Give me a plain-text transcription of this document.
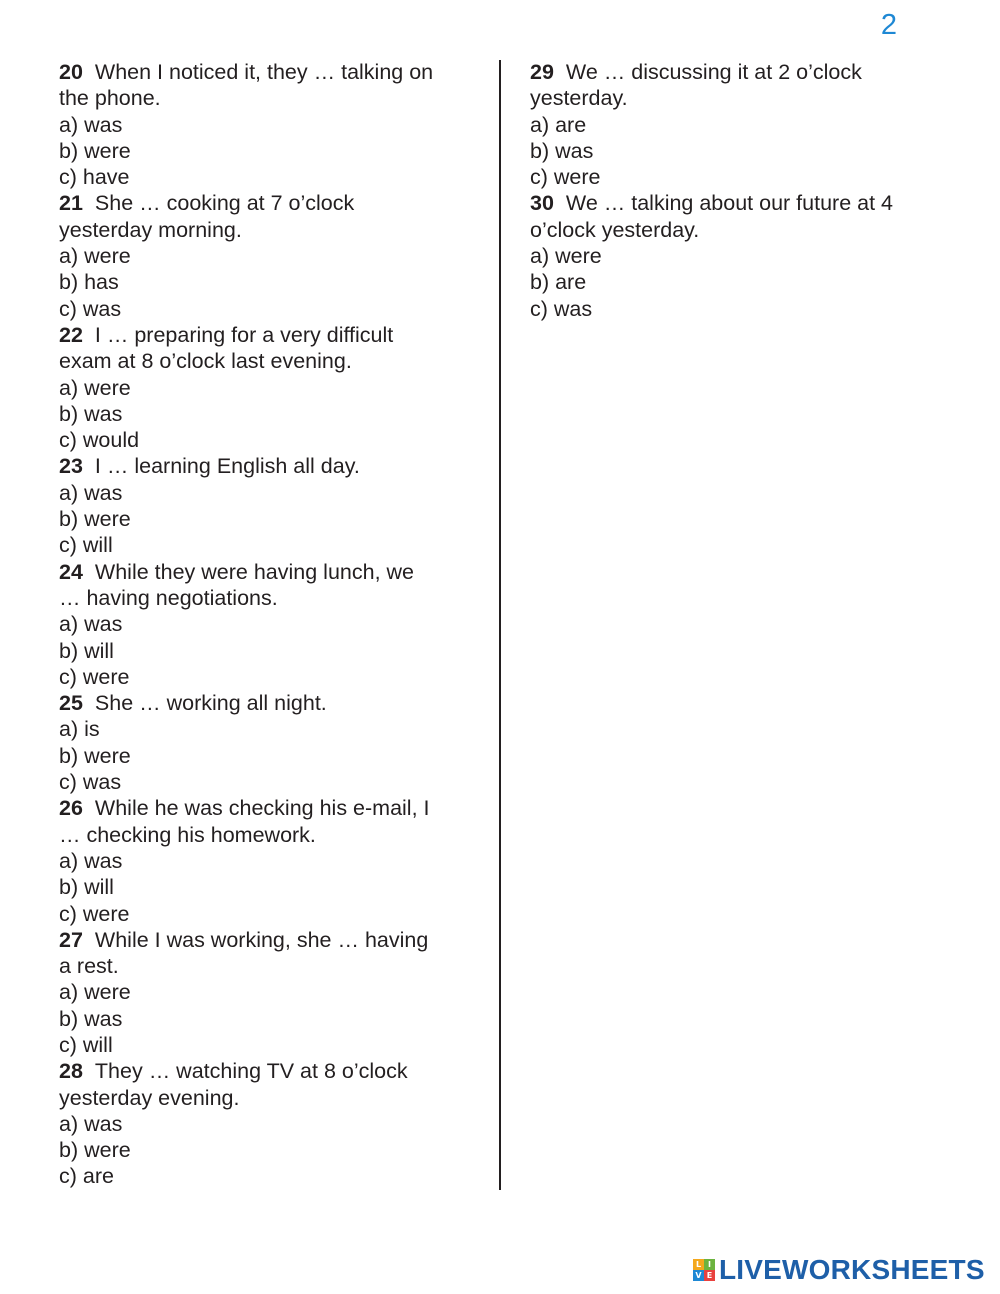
2
20 When I noticed it, they … talking on
the phone.
a) was
b) were
c) have
21 She … cooking at 7 o’clock
yesterday morning.
a) were
b) has
c) was
22 I … preparing for a very difficult
exam at 8 o’clock last evening.
a) were
b) was
c) would
23 I … learning English all day.
a) was
b) were
c) will
24 While they were having lunch, we
… having negotiations.
a) was
b) will
c) were
25 She … working all night.
a) is
b) were
c) was
26 While he was checking his e-mail, I
… checking his homework.
a) was
b) will
c) were
27 While I was working, she … having
a rest.
a) were
b) was
c) will
28 They … watching TV at 8 o’clock
yesterday evening.
a) was
b) were
c) are
29 We … discussing it at 2 o’clock
yesterday.
a) are
b) was
c) were
30 We … talking about our future at 4
o’clock yesterday.
a) were
b) are
c) was
L I
V E LIVEWORKSHEETS
